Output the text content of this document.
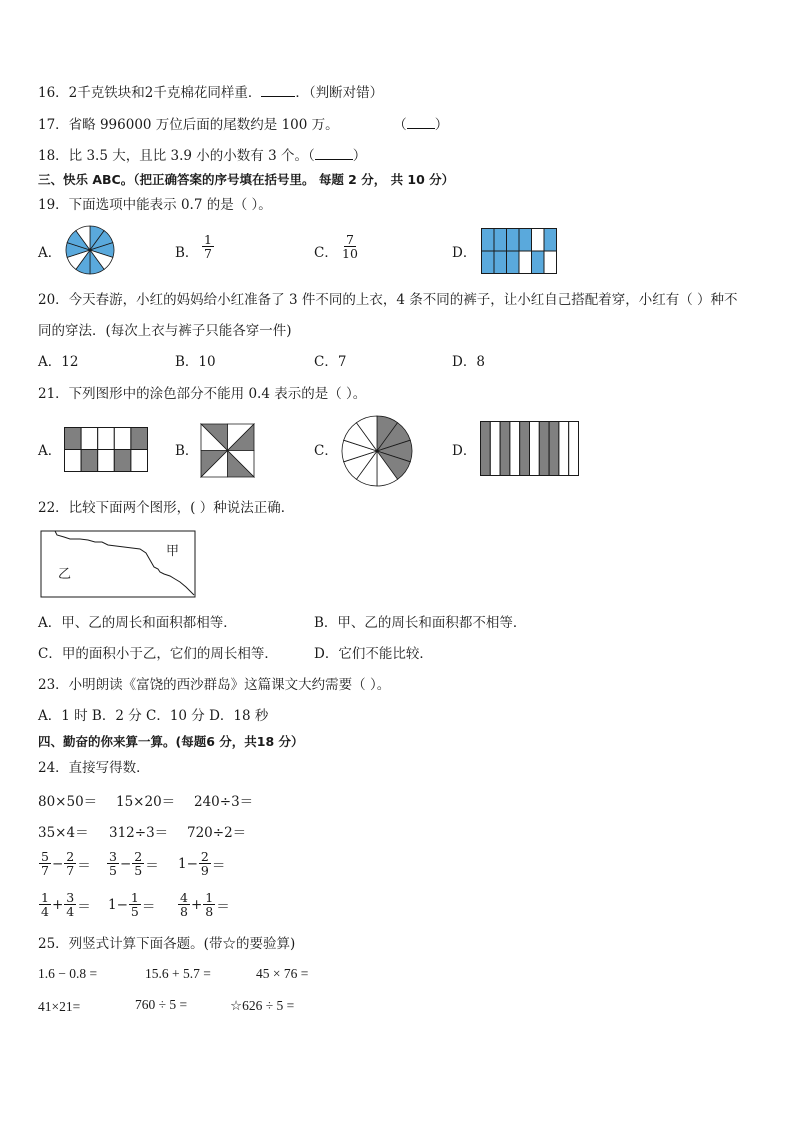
16．2千克铁块和2千克棉花同样重．	．（判断对错）
17．省略 996000 万位后面的尾数约是 100 万。	（ ）
18．比 3.5 大，且比 3.9 小的小数有 3 个。（	）
三、快乐 ABC。（把正确答案的序号填在括号里。 每题 2 分， 共 10 分）
19．下面选项中能表示 0.7 的是（ ）。
A．	B． $\frac{1}{7}$	C． $\frac{7}{10}$	D．
20．今天春游，小红的妈妈给小红准备了 3 件不同的上衣，4 条不同的裤子，让小红自己搭配着穿，小红有（ ）种不
同的穿法．(每次上衣与裤子只能各穿一件)
A．12	B．10	C．7	D．8
21．下列图形中的涂色部分不能用 0.4 表示的是（ ）。
A．	B．	C．	D．
22．比较下面两个图形，( ）种说法正确．
甲
乙
A．甲、乙的周长和面积都相等．	B．甲、乙的周长和面积都不相等．
C．甲的面积小于乙，它们的周长相等．	D．它们不能比较．
23．小明朗读《富饶的西沙群岛》这篇课文大约需要（ ）。
A．1 时 B．2 分 C．10 分 D．18 秒
四、勤奋的你来算一算。(每题6 分，共18 分）
24．直接写得数．
80×50＝ 15×20＝ 240÷3＝
35×4＝ 312÷3＝ 720÷2＝
$\frac{5}{7} - \frac{2}{7} = \frac{3}{5} - \frac{2}{5} = 1- \frac{2}{9}$ ＝
$\frac{1}{4} + \frac{3}{4} = 1- \frac{1}{5} = \frac{4}{8} + \frac{1}{8}$ ＝
25．列竖式计算下面各题。(带☆的要验算)
1.6 − 0.8 =	15.6 + 5.7 =	45 × 76 =
41×21=	760 ÷ 5 =	☆626 ÷ 5 =
